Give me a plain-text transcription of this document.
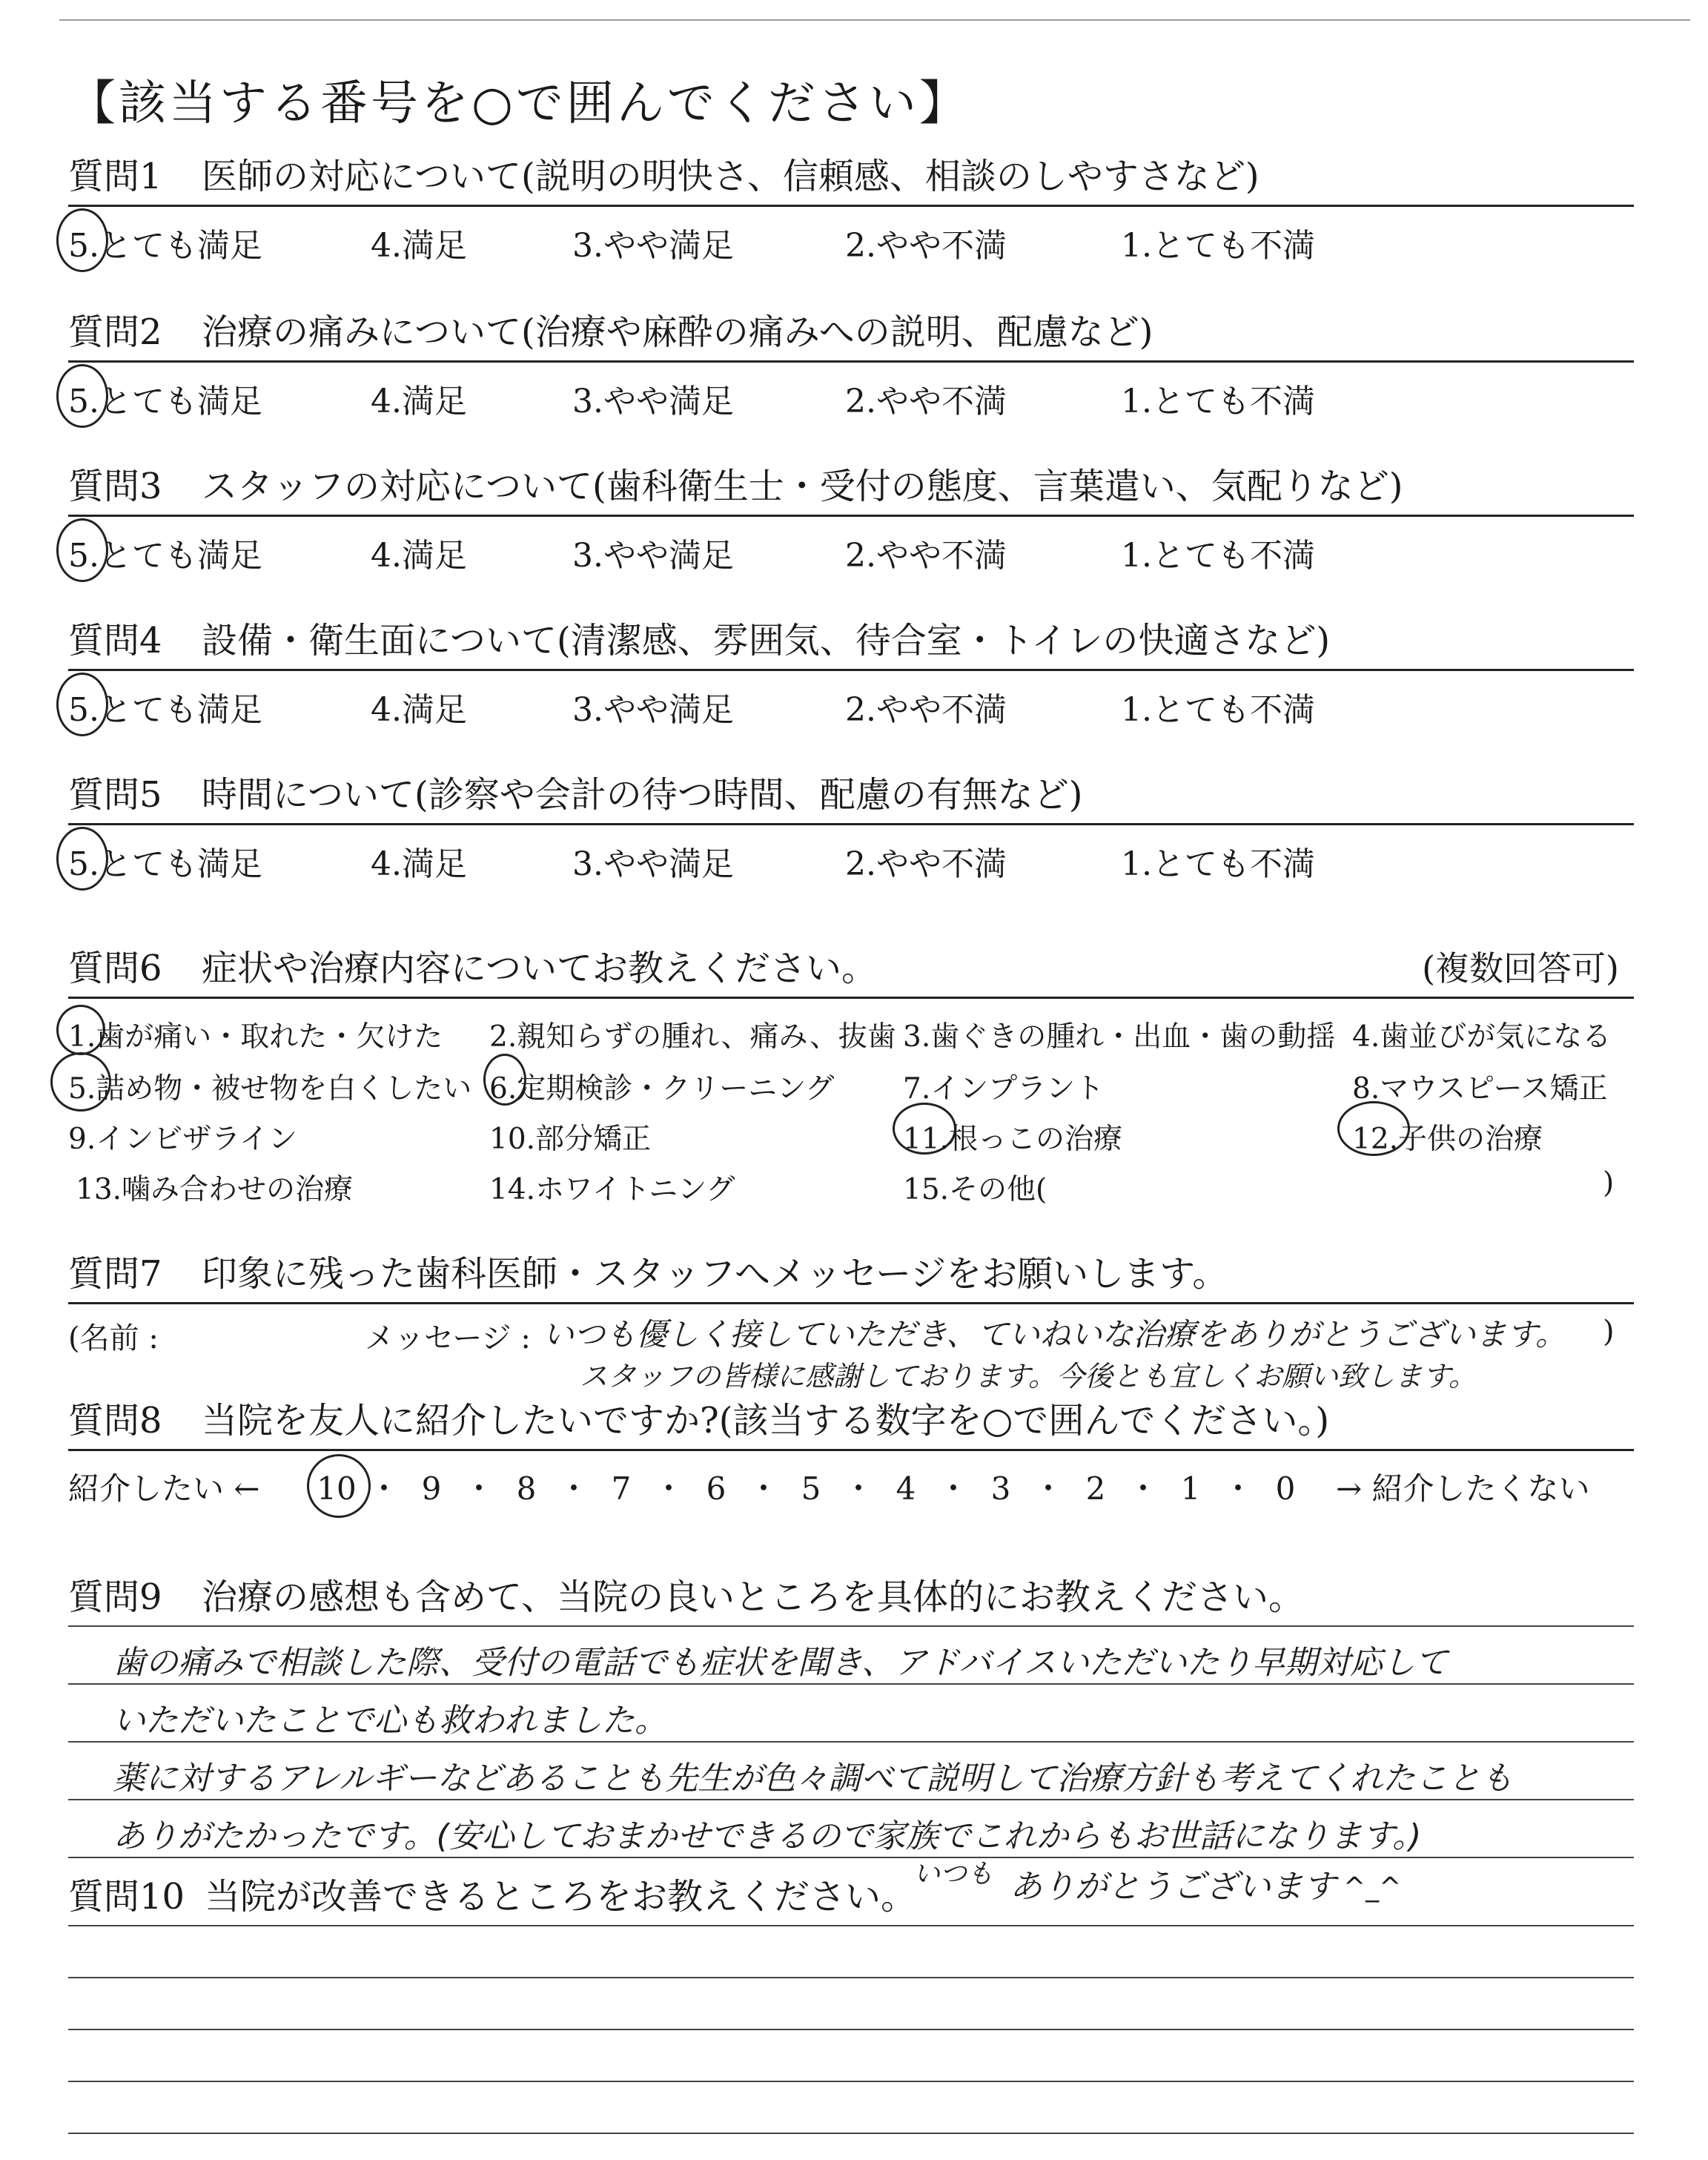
【該当する番号を○で囲んでください】
質問1 医師の対応について(説明の明快さ、信頼感、相談のしやすさなど)
5.とても満足	4.満足	3.やや満足	2.やや不満	1.とても不満
質問2 治療の痛みについて(治療や麻酔の痛みへの説明、配慮など)
5.とても満足	4.満足	3.やや満足	2.やや不満	1.とても不満
質問3 スタッフの対応について(歯科衛生士・受付の態度、言葉遣い、気配りなど)
5.とても満足	4.満足	3.やや満足	2.やや不満	1.とても不満
質問4 設備・衛生面について(清潔感、雰囲気、待合室・トイレの快適さなど)
5.とても満足	4.満足	3.やや満足	2.やや不満	1.とても不満
質問5 時間について(診察や会計の待つ時間、配慮の有無など)
5.とても満足	4.満足	3.やや満足	2.やや不満	1.とても不満
質問6 症状や治療内容についてお教えください。	(複数回答可)
1.歯が痛い・取れた・欠けた 2.親知らずの腫れ、痛み、抜歯 3.歯ぐきの腫れ・出血・歯の動揺 4.歯並びが気になる
5.詰め物・被せ物を白くしたい 6.定期検診・クリーニング 7.インプラント	8.マウスピース矯正
9.インビザライン	10.部分矯正	11.根っこの治療	12.子供の治療
13.噛み合わせの治療	14.ホワイトニング	15.その他(	)
質問7 印象に残った歯科医師・スタッフへメッセージをお願いします。
(名前 :	メッセージ : いつも優しく接していただき、ていねいな治療をありがとうございます。
スタッフの皆様に感謝しております。今後とも宜しくお願い致します。
)
質問8 当院を友人に紹介したいですか?(該当する数字を○で囲んでください。)
紹介したい ← 10 ・ 9 ・ 8 ・ 7 ・ 6 ・ 5 ・ 4 ・ 3 ・ 2 ・ 1 ・ 0	→ 紹介したくない
質問9 治療の感想も含めて、当院の良いところを具体的にお教えください。
歯の痛みで相談した際、受付の電話でも症状を聞き、アドバイスいただいたり早期対応して
いただいたことで心も救われました。
薬に対するアレルギーなどあることも先生が色々調べて説明して治療方針も考えてくれたことも
ありがたかったです。(安心しておまかせできるので家族でこれからもお世話になります。)
質問10 当院が改善できるところをお教えください。
いつも ありがとうございます ^_^
